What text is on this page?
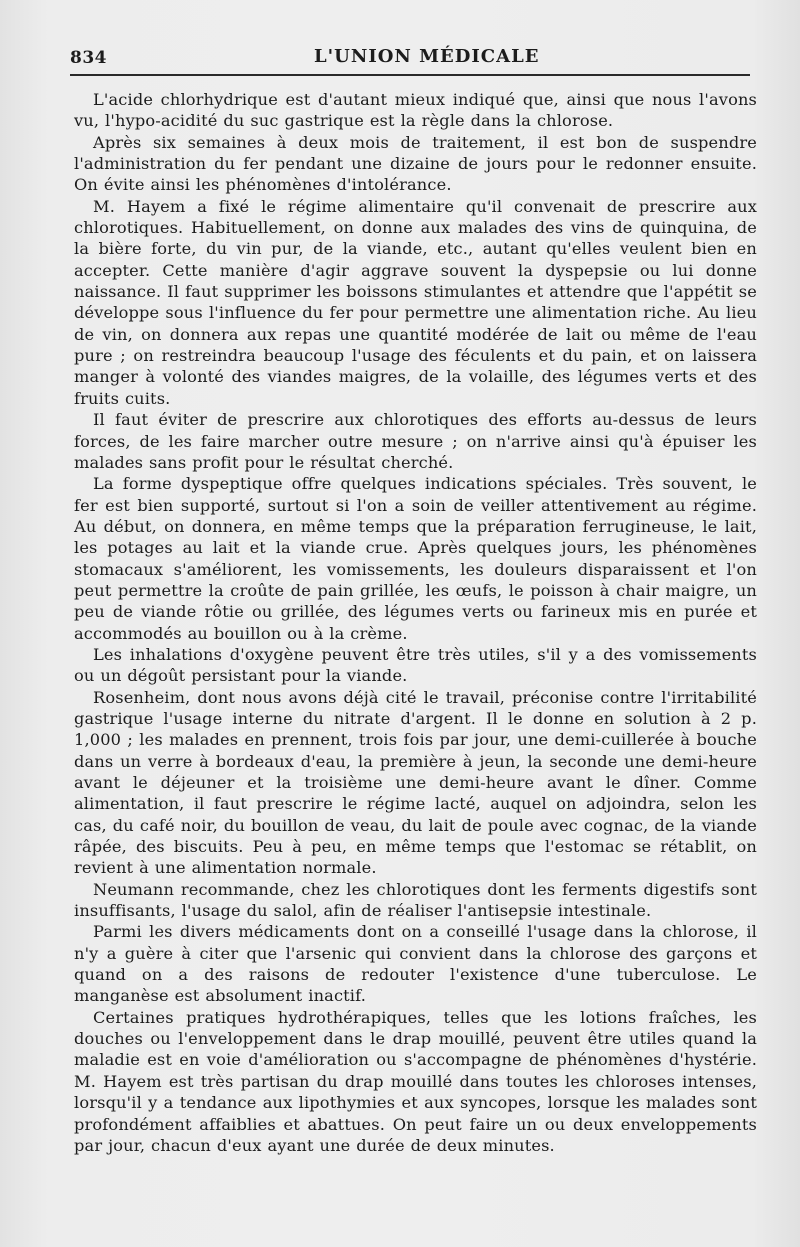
834	L'UNION MÉDICALE

L'acide chlorhydrique est d'autant mieux indiqué que, ainsi que nous l'avons vu, l'hypo-acidité du suc gastrique est la règle dans la chlorose.

Après six semaines à deux mois de traitement, il est bon de suspendre l'administration du fer pendant une dizaine de jours pour le redonner ensuite. On évite ainsi les phénomènes d'intolérance.

M. Hayem a fixé le régime alimentaire qu'il convenait de prescrire aux chlorotiques. Habituellement, on donne aux malades des vins de quinquina, de la bière forte, du vin pur, de la viande, etc., autant qu'elles veulent bien en accepter. Cette manière d'agir aggrave souvent la dyspepsie ou lui donne naissance. Il faut supprimer les boissons stimulantes et attendre que l'appétit se développe sous l'influence du fer pour permettre une alimentation riche. Au lieu de vin, on donnera aux repas une quantité modérée de lait ou même de l'eau pure ; on restreindra beaucoup l'usage des féculents et du pain, et on laissera manger à volonté des viandes maigres, de la volaille, des légumes verts et des fruits cuits.

Il faut éviter de prescrire aux chlorotiques des efforts au-dessus de leurs forces, de les faire marcher outre mesure ; on n'arrive ainsi qu'à épuiser les malades sans profit pour le résultat cherché.

La forme dyspeptique offre quelques indications spéciales. Très souvent, le fer est bien supporté, surtout si l'on a soin de veiller attentivement au régime. Au début, on donnera, en même temps que la préparation ferrugineuse, le lait, les potages au lait et la viande crue. Après quelques jours, les phénomènes stomacaux s'améliorent, les vomissements, les douleurs disparaissent et l'on peut permettre la croûte de pain grillée, les œufs, le poisson à chair maigre, un peu de viande rôtie ou grillée, des légumes verts ou farineux mis en purée et accommodés au bouillon ou à la crème.

Les inhalations d'oxygène peuvent être très utiles, s'il y a des vomissements ou un dégoût persistant pour la viande.

Rosenheim, dont nous avons déjà cité le travail, préconise contre l'irritabilité gastrique l'usage interne du nitrate d'argent. Il le donne en solution à 2 p. 1,000 ; les malades en prennent, trois fois par jour, une demi-cuillerée à bouche dans un verre à bordeaux d'eau, la première à jeun, la seconde une demi-heure avant le déjeuner et la troisième une demi-heure avant le dîner. Comme alimentation, il faut prescrire le régime lacté, auquel on adjoindra, selon les cas, du café noir, du bouillon de veau, du lait de poule avec cognac, de la viande râpée, des biscuits. Peu à peu, en même temps que l'estomac se rétablit, on revient à une alimentation normale.

Neumann recommande, chez les chlorotiques dont les ferments digestifs sont insuffisants, l'usage du salol, afin de réaliser l'antisepsie intestinale.

Parmi les divers médicaments dont on a conseillé l'usage dans la chlorose, il n'y a guère à citer que l'arsenic qui convient dans la chlorose des garçons et quand on a des raisons de redouter l'existence d'une tuberculose. Le manganèse est absolument inactif.

Certaines pratiques hydrothérapiques, telles que les lotions fraîches, les douches ou l'enveloppement dans le drap mouillé, peuvent être utiles quand la maladie est en voie d'amélioration ou s'accompagne de phénomènes d'hystérie. M. Hayem est très partisan du drap mouillé dans toutes les chloroses intenses, lorsqu'il y a tendance aux lipothymies et aux syncopes, lorsque les malades sont profondément affaiblies et abattues. On peut faire un ou deux enveloppements par jour, chacun d'eux ayant une durée de deux minutes.
